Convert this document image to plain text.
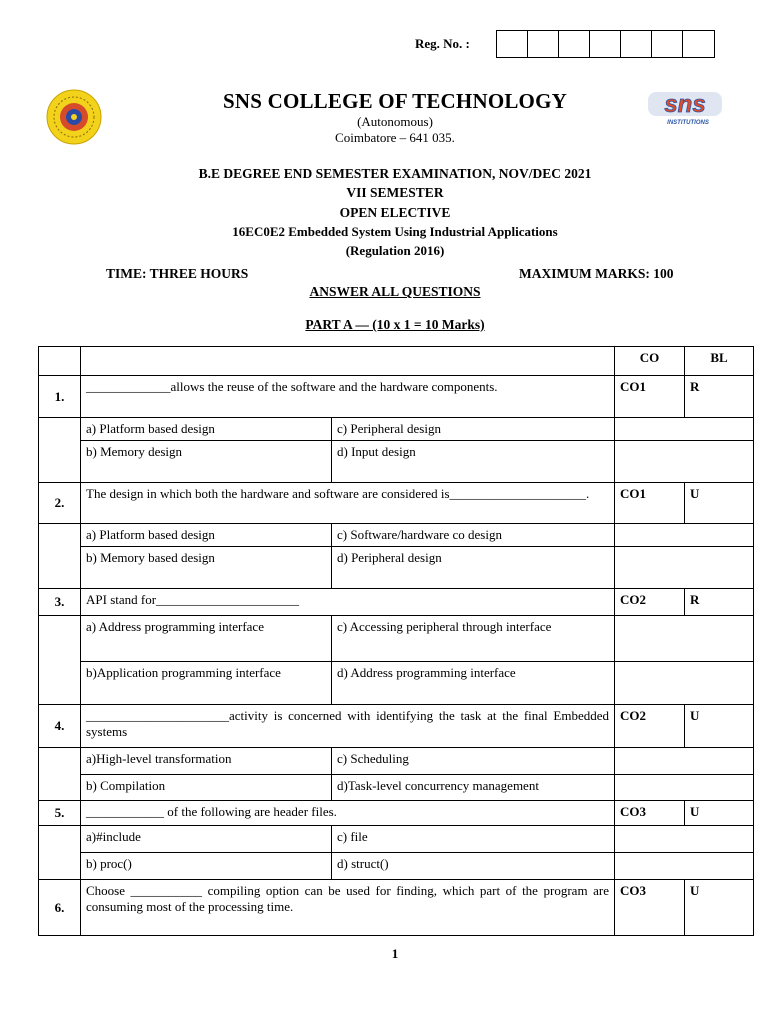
Reg. No. :
sns
INSTITUTIONS
SNS COLLEGE OF TECHNOLOGY
(Autonomous)
Coimbatore – 641 035.
B.E DEGREE END SEMESTER EXAMINATION, NOV/DEC 2021
VII SEMESTER
OPEN ELECTIVE
16EC0E2 Embedded System Using Industrial Applications
(Regulation 2016)
TIME: THREE HOURS	MAXIMUM MARKS: 100
ANSWER ALL QUESTIONS
PART A — (10 x 1 = 10 Marks)
			CO	BL
1.	_____________allows the reuse of the software and the hardware components.		CO1	R
	a) Platform based design	c) Peripheral design		
	b) Memory design	d) Input design		
2.	The design in which both the hardware and software are considered is_____________________.		CO1	U
	a) Platform based design	c) Software/hardware co design		
	b) Memory based design	d) Peripheral design		
3.	API stand for______________________		CO2	R
	a) Address programming interface	c) Accessing peripheral through interface		
	b)Application programming interface	d) Address programming interface		
4.	______________________activity is concerned with identifying the task at the final Embedded systems		CO2	U
	a)High-level transformation	c) Scheduling		
	b) Compilation	d)Task-level concurrency management		
5.	____________ of the following are header files.		CO3	U
	a)#include	c) file		
	b) proc()	d) struct()		
6.	Choose ___________ compiling option can be used for finding, which part of the program are consuming most of the processing time.		CO3	U
1
